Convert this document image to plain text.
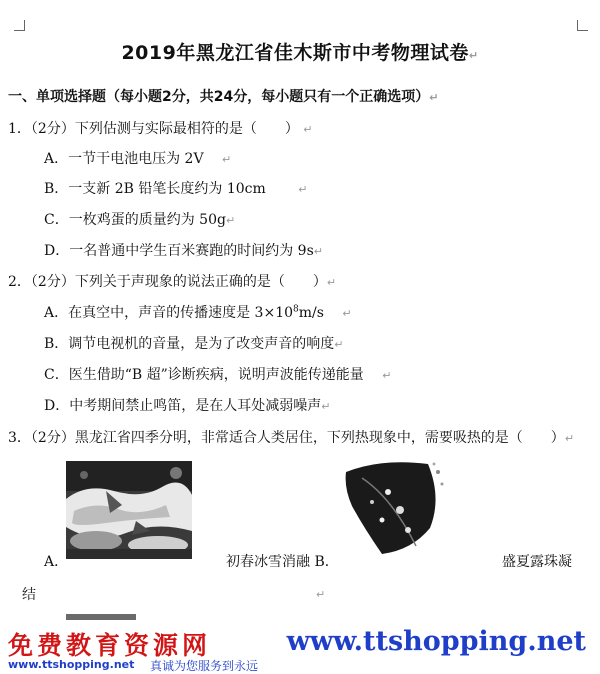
2019年黑龙江省佳木斯市中考物理试卷↵
一、单项选择题（每小题2分，共24分，每小题只有一个正确选项）↵
1．（2分）下列估测与实际最相符的是（　　） ↵
A．一节干电池电压为 2V　 ↵
B．一支新 2B 铅笔长度约为 10cm　　	↵
C．一枚鸡蛋的质量约为 50g↵
D．一名普通中学生百米赛跑的时间约为 9s↵
2．（2分）下列关于声现象的说法正确的是（　　）↵
A．在真空中，声音的传播速度是 $3\times 10^8m/s$　 ↵
B．调节电视机的音量，是为了改变声音的响度↵
C．医生借助“B 超”诊断疾病，说明声波能传递能量　 ↵
D．中考期间禁止鸣笛，是在人耳处减弱噪声↵
3．（2分）黑龙江省四季分明，非常适合人类居住，下列热现象中，需要吸热的是（　　）↵
A．	初春冰雪消融 B．	盛夏露珠凝
结	↵
免费教育资源网	www.ttshopping.net
www.ttshopping.net 真诚为您服务到永远
